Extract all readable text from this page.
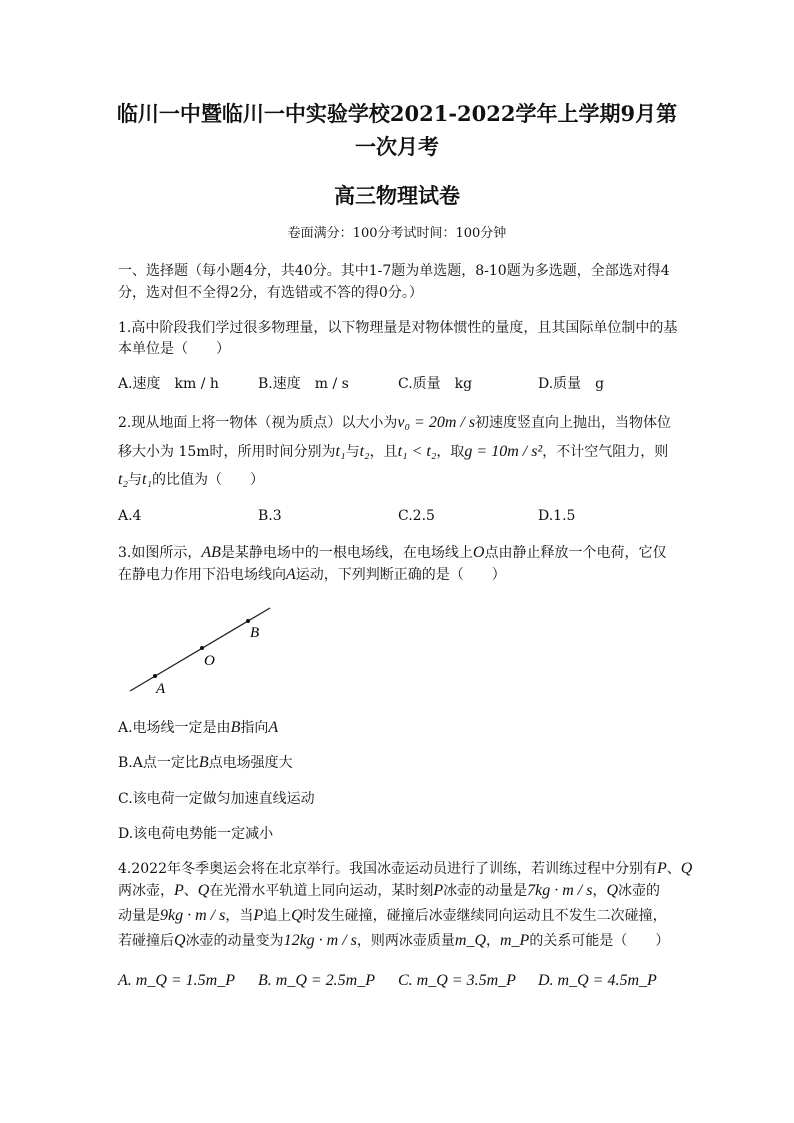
临川一中暨临川一中实验学校2021-2022学年上学期9月第
一次月考
高三物理试卷
卷面满分：100分考试时间：100分钟
一、选择题（每小题4分，共40分。其中1-7题为单选题，8-10题为多选题，全部选对得4
分，选对但不全得2分，有选错或不答的得0分。）
1.高中阶段我们学过很多物理量，以下物理量是对物体惯性的量度，且其国际单位制中的基
本单位是（　　）
A.速度　km / h	B.速度　m / s	C.质量　kg	D.质量　g
2.现从地面上将一物体（视为质点）以大小为v₀ = 20m / s初速度竖直向上抛出，当物体位
移大小为 15m时，所用时间分别为t₁与t₂，且t₁ < t₂，取g = 10m / s²，不计空气阻力，则
t₂与t₁的比值为（　　）
A.4	B.3	C.2.5	D.1.5
3.如图所示，AB是某静电场中的一根电场线，在电场线上O点由静止释放一个电荷，它仅
在静电力作用下沿电场线向A运动，下列判断正确的是（　　）
A
O
B
A.电场线一定是由B指向A
B.A点一定比B点电场强度大
C.该电荷一定做匀加速直线运动
D.该电荷电势能一定减小
4.2022年冬季奥运会将在北京举行。我国冰壶运动员进行了训练，若训练过程中分别有P、Q
两冰壶，P、Q在光滑水平轨道上同向运动，某时刻P冰壶的动量是7kg · m / s，Q冰壶的
动量是9kg · m / s，当P追上Q时发生碰撞，碰撞后冰壶继续同向运动且不发生二次碰撞，
若碰撞后Q冰壶的动量变为12kg · m / s，则两冰壶质量m_Q，m_P的关系可能是（　　）
A. m_Q = 1.5m_P B. m_Q = 2.5m_P C. m_Q = 3.5m_P D. m_Q = 4.5m_P
